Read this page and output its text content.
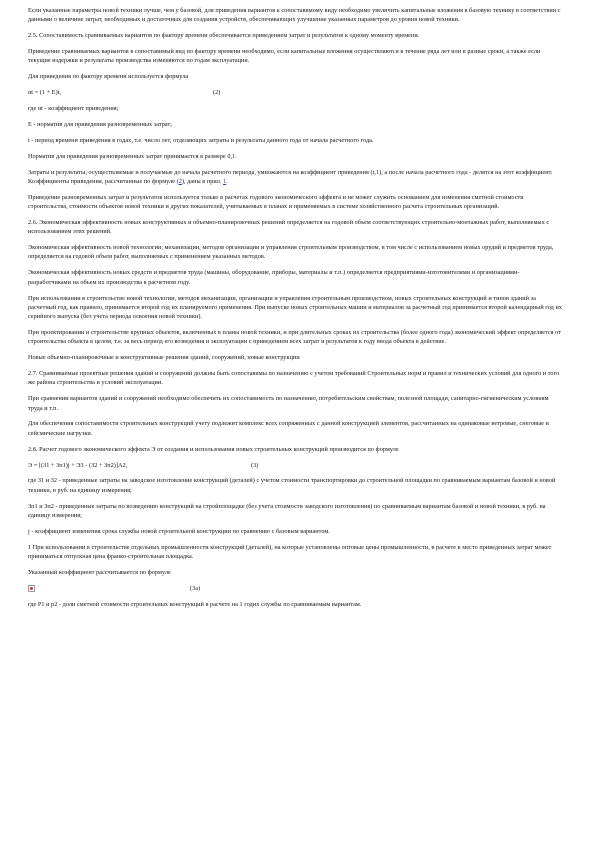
Если указанные параметры новой техники лучше, чем у базовой, для приведения вариантов к сопоставимому виду необходимо увеличить капитальные вложения в базовую технику в соответствии с данными о величине затрат, необходимых и достаточных для создания устройств, обеспечивающих улучшение указанных параметров до уровня новой техники.

2.5. Сопоставимость сравниваемых вариантов по фактору времени обеспечивается приведением затрат и результатов к одному моменту времени.

Приведение сравниваемых вариантов в сопоставимый вид по фактору времени необходимо, если капитальные вложения осуществляются в течение ряда лет или в разные сроки, а также если текущие издержки и результаты производства изменяются по годам эксплуатации.

Для приведения по фактору времени используется формула

αt = (1 + E)t,	(2)

где αt - коэффициент приведения;

E - норматив для приведения разновременных затрат;

t - период времени приведения в годах, т.е. число лет, отделяющих затраты и результаты данного года от начала расчетного года.

Норматив для приведения разновременных затрат принимается в размере 0,1.

Затраты и результаты, осуществляемые и получаемые до начала расчетного периода, умножаются на коэффициент приведения (t,1), а после начала расчетного года - делятся на этот коэффициент. Коэффициенты приведения, рассчитанные по формуле (2), даны в прил. 1.

Приведение разновременных затрат и результатов используется только в расчетах годового экономического эффекта и не может служить основанием для изменения сметной стоимости строительства, стоимости объектов новой техники и других показателей, учитываемых в планах и применяемых в системе хозяйственного расчета строительных организаций.

2.6. Экономическая эффективность новых конструктивных и объемно-планировочных решений определяется на годовой объем соответствующих строительно-монтажных работ, выполняемых с использованием этих решений.

Экономическая эффективность новой технологии, механизации, методов организации и управления строительным производством, в том числе с использованием новых орудий и предметов труда, определяется на годовой объем работ, выполняемых с применением указанных методов.

Экономическая эффективность новых средств и предметов труда (машины, оборудование, приборы, материалы и т.п.) определяется предприятиями-изготовителями и организациями-разработчиками на объем их производства в расчетном году.

При использовании в строительстве новой технологии, методов механизации, организации и управления строительным производством, новых строительных конструкций и типов зданий за расчетный год, как правило, принимается второй год их планируемого применения. При выпуске новых строительных машин и материалов за расчетный год принимается второй календарный год их серийного выпуска (без учета периода освоения новой техники).

При проектировании и строительстве крупных объектов, включенных в планы новой техники, и при длительных сроках их строительства (более одного года) экономический эффект определяется от строительства объекта в целом, т.е. за весь период его возведения и эксплуатации с приведением всех затрат и результатов к году ввода объекта в действие.

Новые объемно-планировочные и конструктивные решения зданий, сооружений, новые конструкции

2.7. Сравниваемые проектные решения зданий и сооружений должны быть сопоставимы по назначению с учетом требований Строительных норм и правил и технических условий для одного и того же района строительства и условий эксплуатации.

При сравнении вариантов зданий и сооружений необходимо обеспечить их сопоставимость по назначению, потребительским свойствам, полезной площади, санитарно-гигиеническим условиям труда и т.п.

Для обеспечения сопоставимости строительных конструкций учету подлежит комплекс всех сопряженных с данной конструкцией элементов, рассчитанных на одинаковые ветровые, снеговые и сейсмические нагрузки.

2.8. Расчет годового экономического эффекта Э от создания и использования новых строительных конструкций производится по формуле

Э = [(З1 + Зп1)j + Э3 - (З2 + Зп2)]А2,	(3)

где З1 и З2 - приведенные затраты на заводское изготовление конструкций (деталей) с учетом стоимости транспортировки до строительной площадки по сравниваемым вариантам базовой и новой техники, в руб. на единицу измерения;

Зп1 и Зп2 - приведенные затраты по возведению конструкций на стройплощадке (без учета стоимости заводского изготовления) по сравниваемым вариантам базовой и новой техники, в руб. на единицу измерения;

j - коэффициент изменения срока службы новой строительной конструкции по сравнению с базовым вариантом.

1 При использовании в строительстве отдельных промышленности конструкций (деталей), на которые установлены оптовые цены промышленности, в расчете в место приведенных затрат может приниматься отпускная цена франко-строительная площадка.

Указанный коэффициент рассчитывается по формуле

(3а)

где Р1 и р2 - доли сметной стоимости строительных конструкций в расчете на 1 годих службы по сравниваемым вариантам.
